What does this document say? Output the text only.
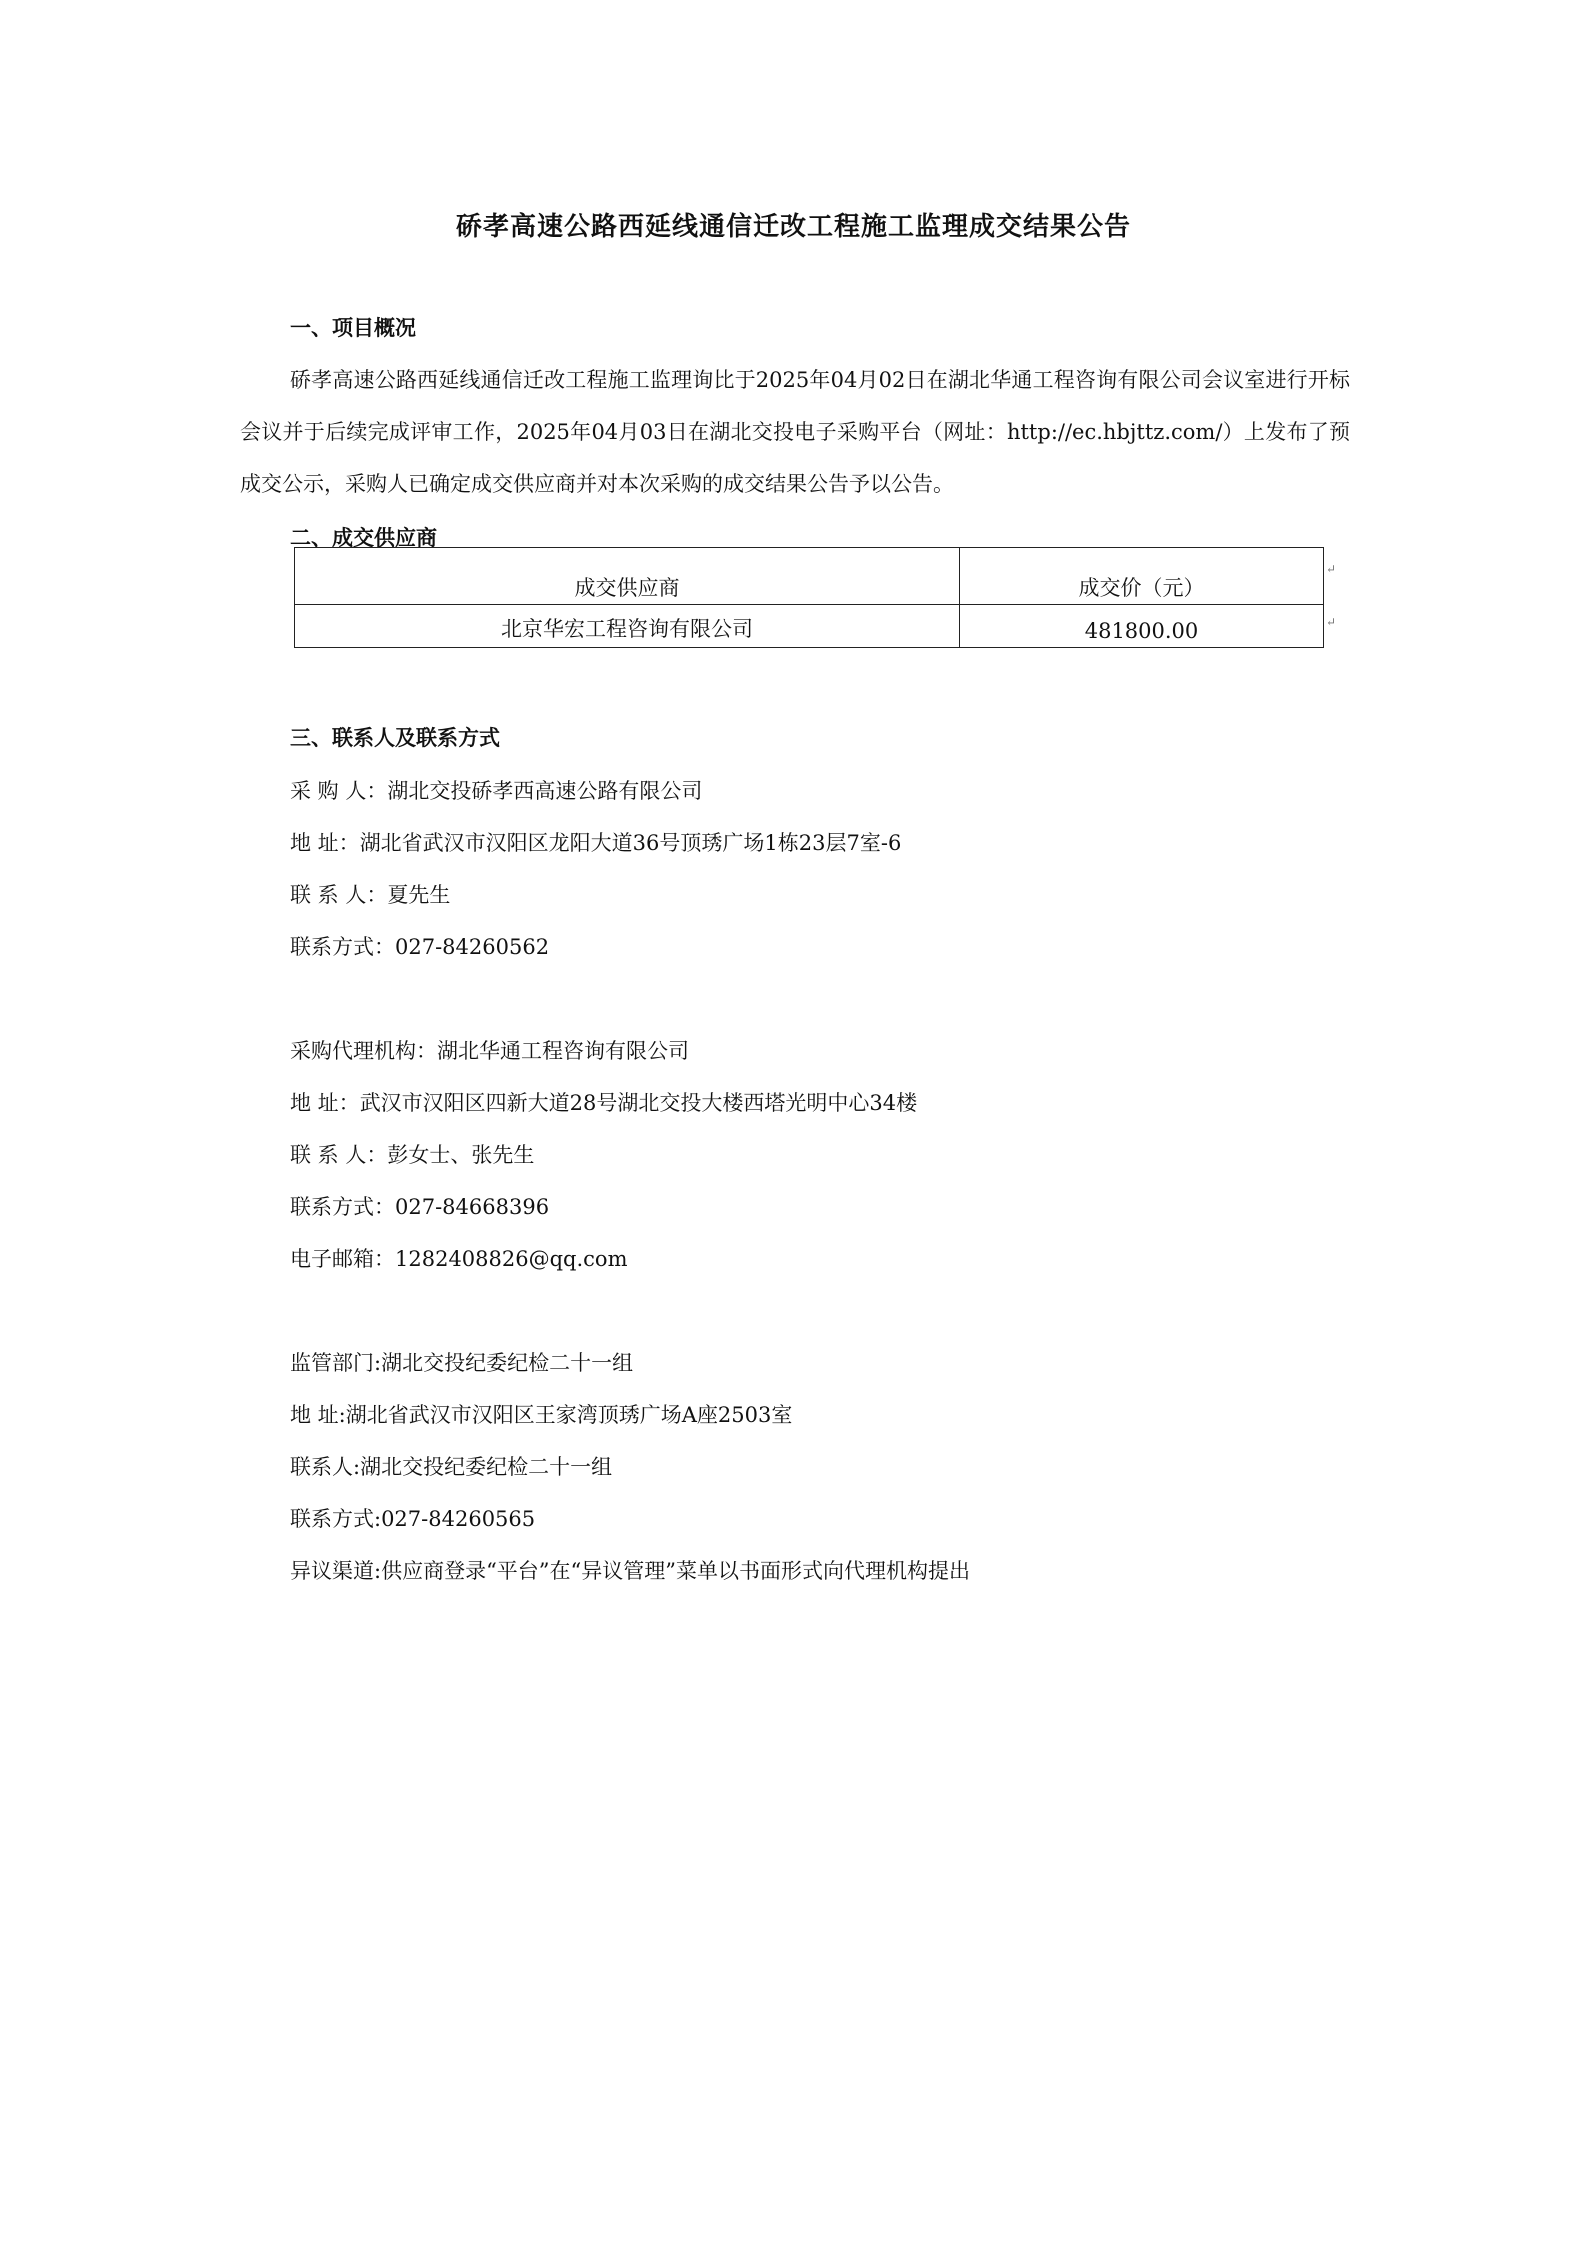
硚孝高速公路西延线通信迁改工程施工监理成交结果公告
一、项目概况
硚孝高速公路西延线通信迁改工程施工监理询比于2025年04月02日在湖北华通工程咨询有限公司会议室进行开标会议并于后续完成评审工作，2025年04月03日在湖北交投电子采购平台（网址：http://ec.hbjttz.com/）上发布了预成交公示，采购人已确定成交供应商并对本次采购的成交结果公告予以公告。
二、成交供应商
成交供应商	成交价（元）
北京华宏工程咨询有限公司	481800.00
↵
↵
三、联系人及联系方式
采 购 人：湖北交投硚孝西高速公路有限公司
地 址：湖北省武汉市汉阳区龙阳大道36号顶琇广场1栋23层7室-6
联 系 人：夏先生
联系方式：027-84260562
采购代理机构：湖北华通工程咨询有限公司
地 址：武汉市汉阳区四新大道28号湖北交投大楼西塔光明中心34楼
联 系 人：彭女士、张先生
联系方式：027-84668396
电子邮箱：1282408826@qq.com
监管部门:湖北交投纪委纪检二十一组
地 址:湖北省武汉市汉阳区王家湾顶琇广场A座2503室
联系人:湖北交投纪委纪检二十一组
联系方式:027-84260565
异议渠道:供应商登录“平台”在“异议管理”菜单以书面形式向代理机构提出
